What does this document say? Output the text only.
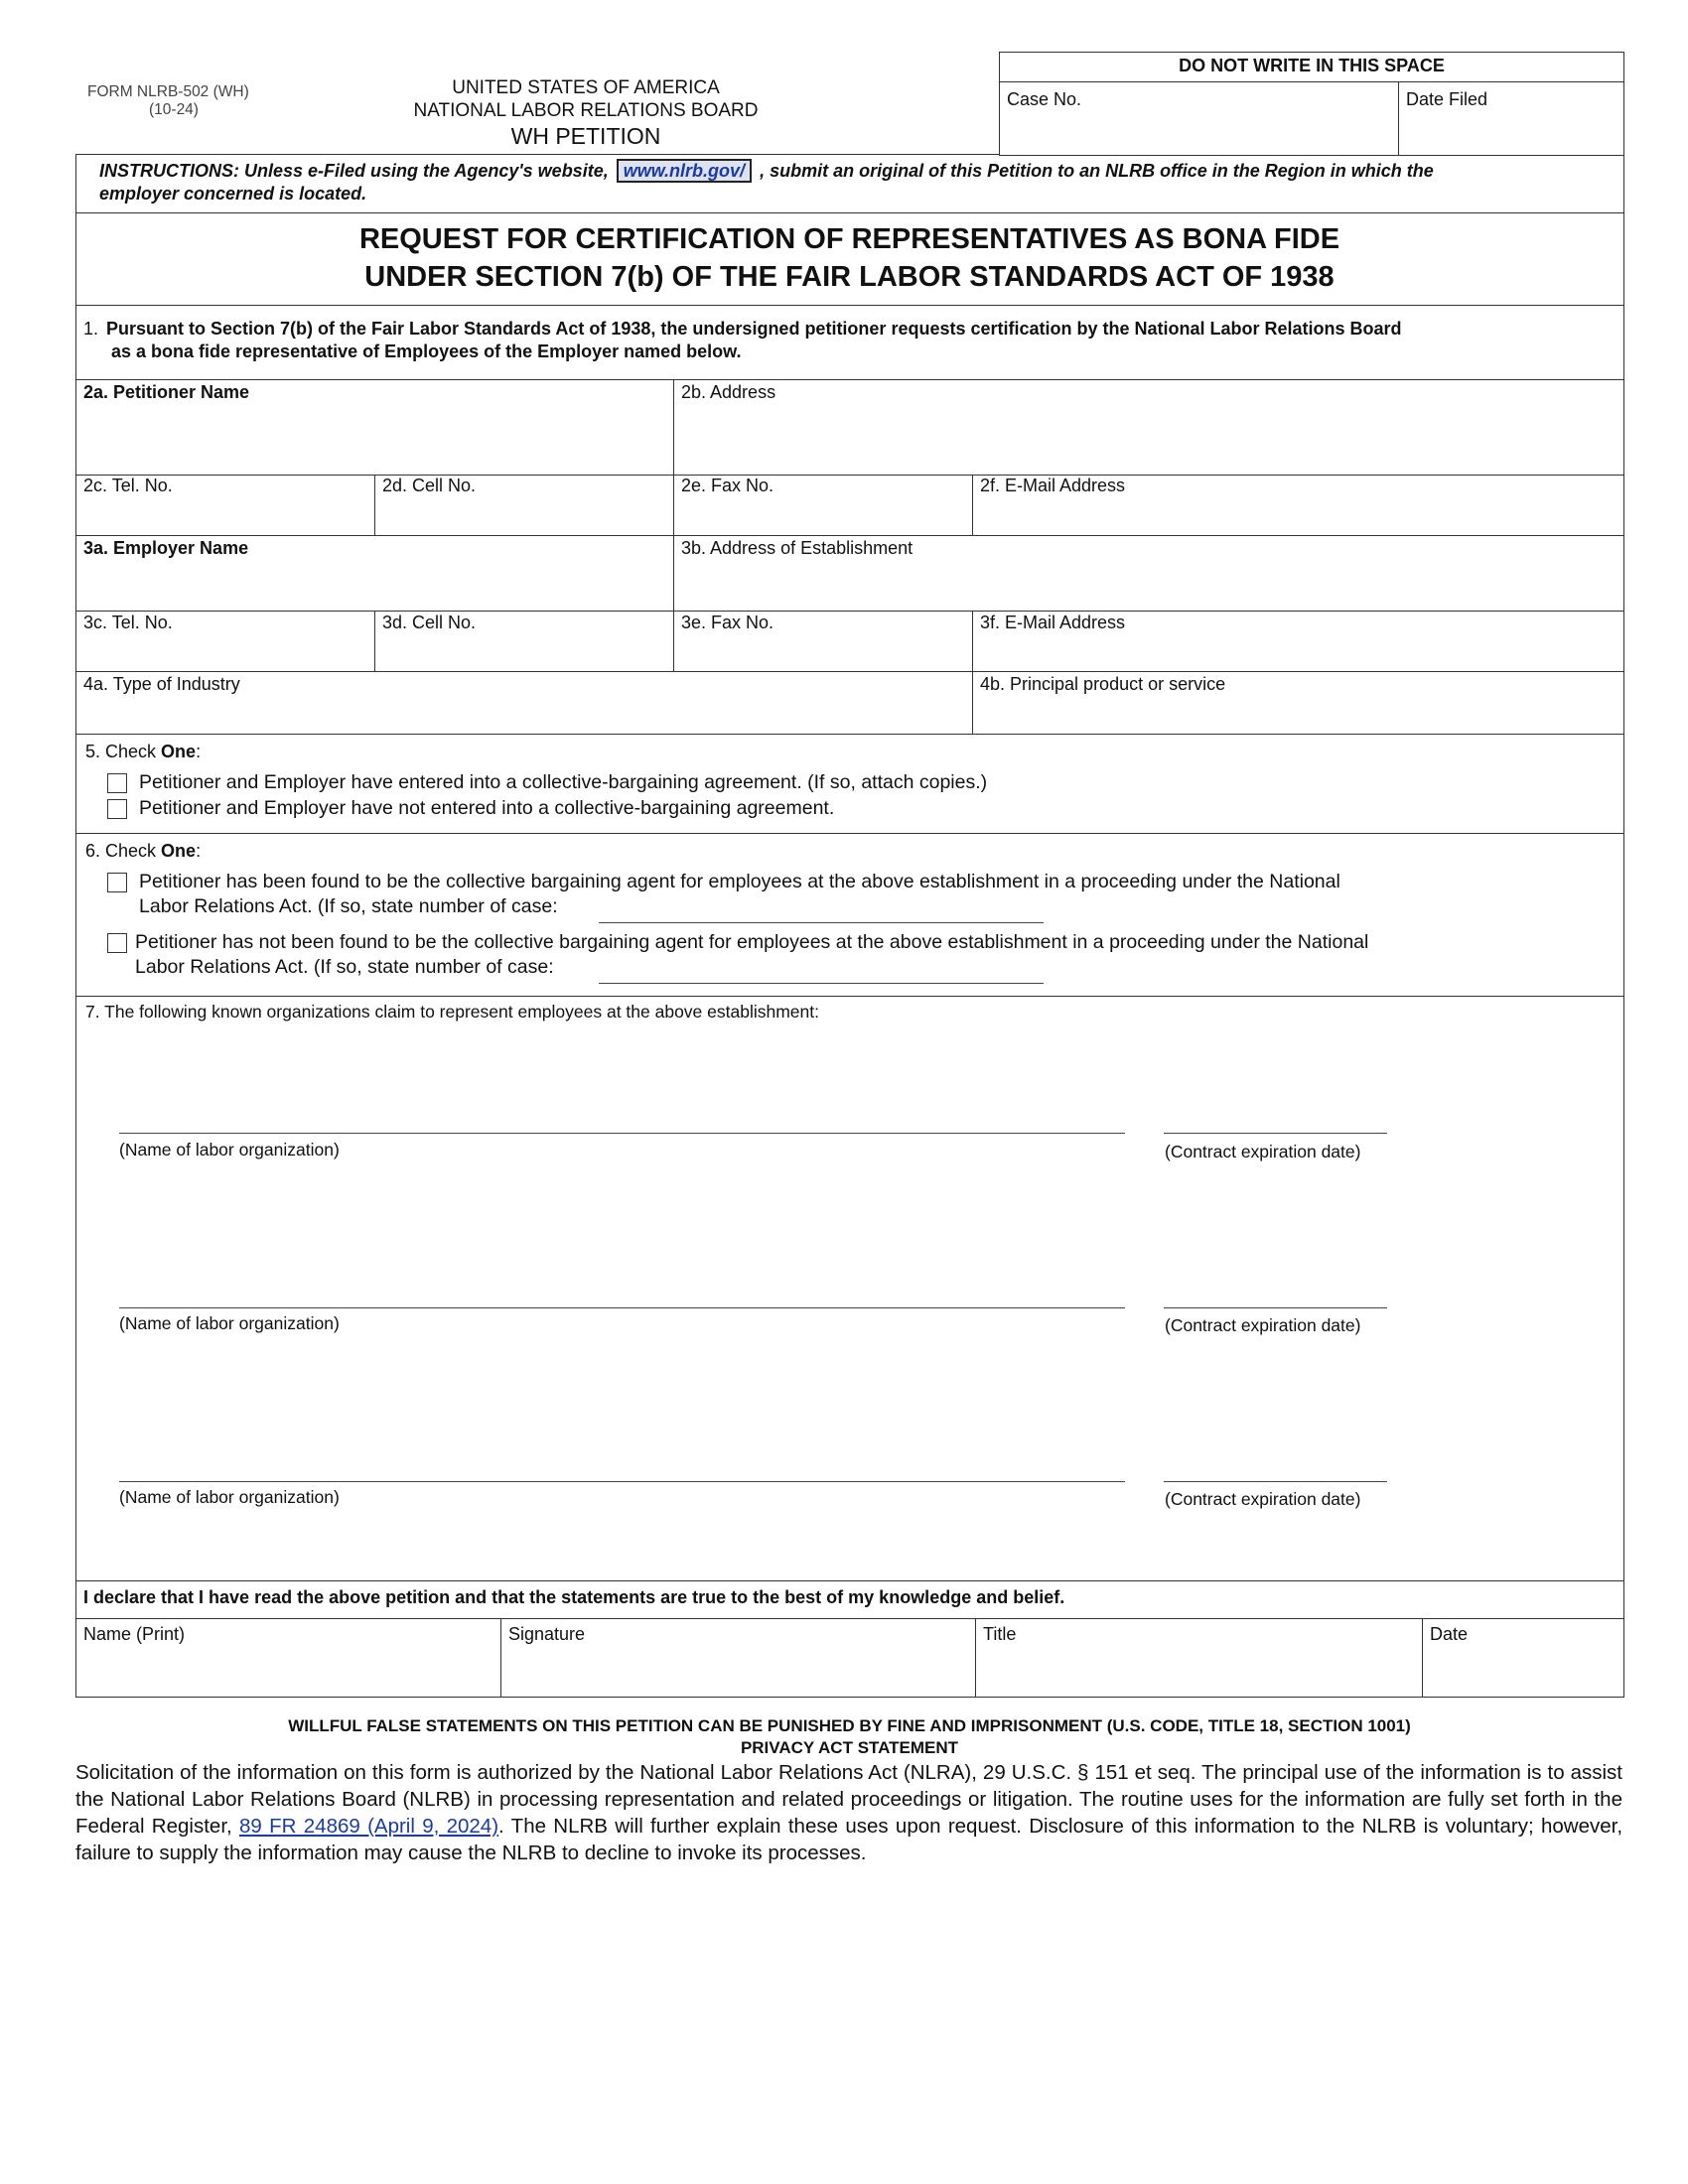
FORM NLRB-502 (WH)
(10-24)
UNITED STATES OF AMERICA
NATIONAL LABOR RELATIONS BOARD
WH PETITION
DO NOT WRITE IN THIS SPACE
Case No.	Date Filed
INSTRUCTIONS: Unless e-Filed using the Agency's website, www.nlrb.gov/ , submit an original of this Petition to an NLRB office in the Region in which the
employer concerned is located.
REQUEST FOR CERTIFICATION OF REPRESENTATIVES AS BONA FIDE
UNDER SECTION 7(b) OF THE FAIR LABOR STANDARDS ACT OF 1938
1. Pursuant to Section 7(b) of the Fair Labor Standards Act of 1938, the undersigned petitioner requests certification by the National Labor Relations Board
as a bona fide representative of Employees of the Employer named below.
2a. Petitioner Name	2b. Address
2c. Tel. No.	2d. Cell No.	2e. Fax No.	2f. E-Mail Address
3a. Employer Name	3b. Address of Establishment
3c. Tel. No.	3d. Cell No.	3e. Fax No.	3f. E-Mail Address
4a. Type of Industry	4b. Principal product or service
5. Check One:
Petitioner and Employer have entered into a collective-bargaining agreement. (If so, attach copies.)
Petitioner and Employer have not entered into a collective-bargaining agreement.
6. Check One:
Petitioner has been found to be the collective bargaining agent for employees at the above establishment in a proceeding under the National
Labor Relations Act. (If so, state number of case:
Petitioner has not been found to be the collective bargaining agent for employees at the above establishment in a proceeding under the National
Labor Relations Act. (If so, state number of case:
7. The following known organizations claim to represent employees at the above establishment:
(Name of labor organization)	(Contract expiration date)
(Name of labor organization)	(Contract expiration date)
(Name of labor organization)	(Contract expiration date)
I declare that I have read the above petition and that the statements are true to the best of my knowledge and belief.
Name (Print)	Signature	Title	Date
WILLFUL FALSE STATEMENTS ON THIS PETITION CAN BE PUNISHED BY FINE AND IMPRISONMENT (U.S. CODE, TITLE 18, SECTION 1001)
PRIVACY ACT STATEMENT
Solicitation of the information on this form is authorized by the National Labor Relations Act (NLRA), 29 U.S.C. § 151 et seq. The principal use of the information is to assist the National Labor Relations Board (NLRB) in processing representation and related proceedings or litigation. The routine uses for the information are fully set forth in the Federal Register, 89 FR 24869 (April 9, 2024). The NLRB will further explain these uses upon request. Disclosure of this information to the NLRB is voluntary; however, failure to supply the information may cause the NLRB to decline to invoke its processes.
